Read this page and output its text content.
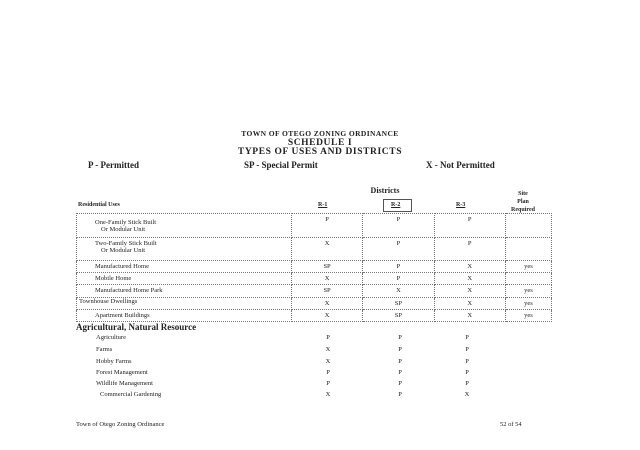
TOWN OF OTEGO ZONING ORDINANCE
SCHEDULE I
TYPES OF USES AND DISTRICTS
P - Permitted	SP - Special Permit	X - Not Permitted
Districts	Site
Plan
Required
Residential Uses	R-1	R-2	R-3
One-Family Stick Built
Or Modular Unit	P	P	P	

Two-Family Stick Built
Or Modular Unit	X	P	P	

Manufactured Home	SP	P	X	yes

Mobile Home	X	P	X	

Manufactured Home Park	SP	X	X	yes
Townhouse Dwellings	X	SP	X	yes

Apartment Buildings	X	SP	X	yes
Agricultural, Natural Resource
Agriculture	P	P	P
Farms	X	P	P
Hobby Farms	X	P	P
Forest Management	P	P	P
Wildlife Management	P	P	P
Commercial Gardening	X	P	X
Town of Otego Zoning Ordinance	52 of 54
